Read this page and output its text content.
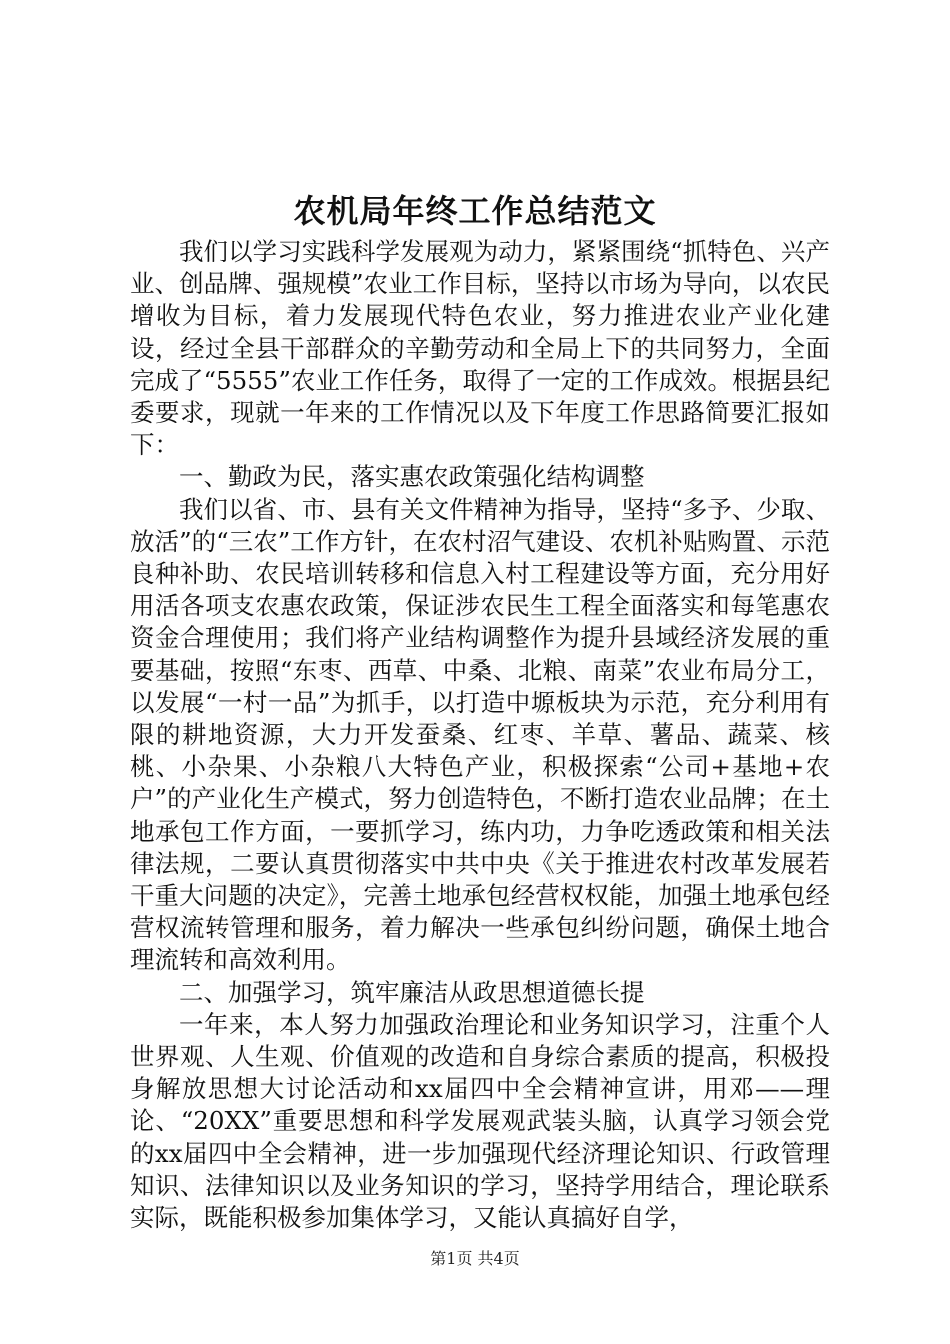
农机局年终工作总结范文

我们以学习实践科学发展观为动力，紧紧围绕“抓特色、兴产业、创品牌、强规模”农业工作目标，坚持以市场为导向，以农民增收为目标，着力发展现代特色农业，努力推进农业产业化建设，经过全县干部群众的辛勤劳动和全局上下的共同努力，全面完成了“5555”农业工作任务，取得了一定的工作成效。根据县纪委要求，现就一年来的工作情况以及下年度工作思路简要汇报如下：

一、勤政为民，落实惠农政策强化结构调整

我们以省、市、县有关文件精神为指导，坚持“多予、少取、放活”的“三农”工作方针，在农村沼气建设、农机补贴购置、示范良种补助、农民培训转移和信息入村工程建设等方面，充分用好用活各项支农惠农政策，保证涉农民生工程全面落实和每笔惠农资金合理使用；我们将产业结构调整作为提升县域经济发展的重要基础，按照“东枣、西草、中桑、北粮、南菜”农业布局分工，以发展“一村一品”为抓手，以打造中塬板块为示范，充分利用有限的耕地资源，大力开发蚕桑、红枣、羊草、薯品、蔬菜、核桃、小杂果、小杂粮八大特色产业，积极探索“公司+基地+农户”的产业化生产模式，努力创造特色，不断打造农业品牌；在土地承包工作方面，一要抓学习，练内功，力争吃透政策和相关法律法规，二要认真贯彻落实中共中央《关于推进农村改革发展若干重大问题的决定》，完善土地承包经营权权能，加强土地承包经营权流转管理和服务，着力解决一些承包纠纷问题，确保土地合理流转和高效利用。

二、加强学习，筑牢廉洁从政思想道德长提

一年来，本人努力加强政治理论和业务知识学习，注重个人世界观、人生观、价值观的改造和自身综合素质的提高，积极投身解放思想大讨论活动和xx届四中全会精神宣讲，用邓——理论、“20XX”重要思想和科学发展观武装头脑，认真学习领会党的xx届四中全会精神，进一步加强现代经济理论知识、行政管理知识、法律知识以及业务知识的学习，坚持学用结合，理论联系实际，既能积极参加集体学习，又能认真搞好自学，

第1页 共4页
